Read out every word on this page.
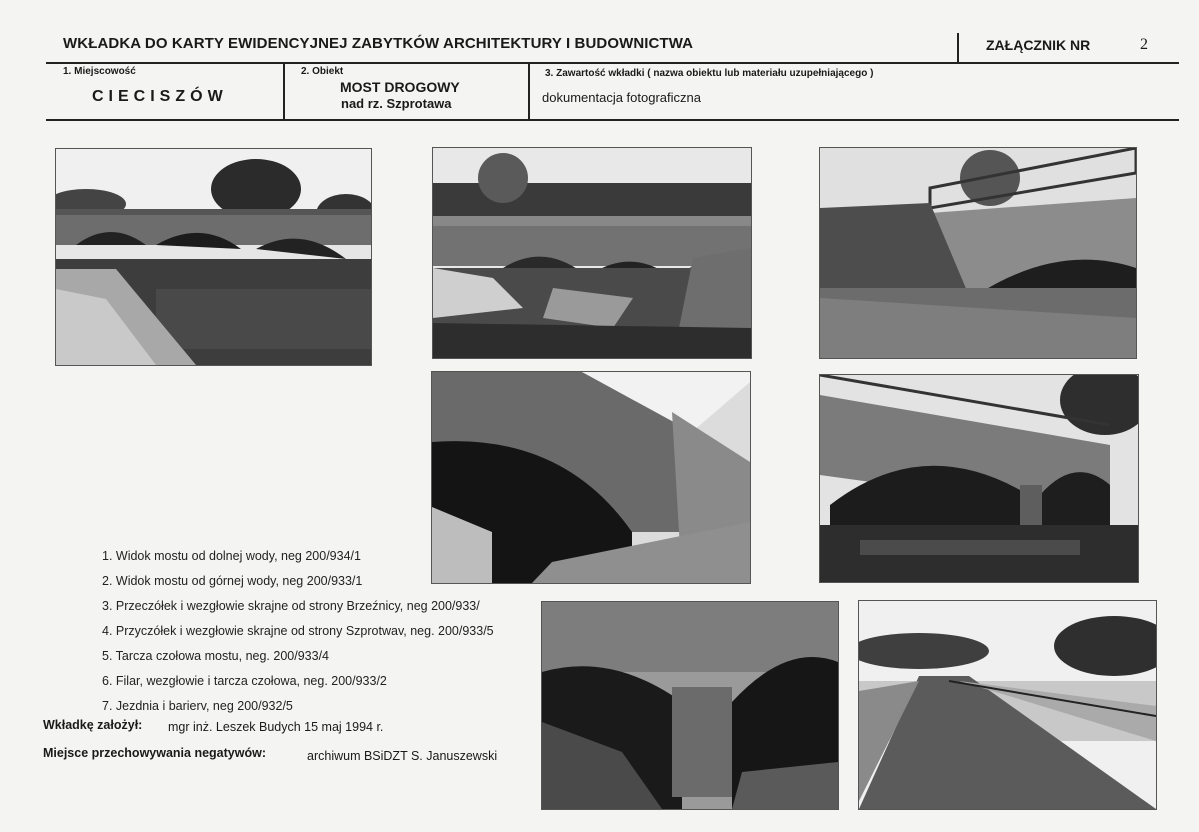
WKŁADKA DO KARTY EWIDENCYJNEJ ZABYTKÓW ARCHITEKTURY I BUDOWNICTWA	ZAŁĄCZNIK NR	2
1. Miejscowość
CIECISZÓW
2. Obiekt
MOST DROGOWY
nad rz. Szprotawa
3. Zawartość wkładki ( nazwa obiektu lub materiału uzupełniającego )
dokumentacja fotograficzna
1. Widok mostu od dolnej wody, neg 200/934/1
2. Widok mostu od górnej wody, neg 200/933/1
3. Przeczółek i wezgłowie skrajne od strony Brzeźnicy, neg 200/933/
4. Przyczółek i wezgłowie skrajne od strony Szprotwav, neg. 200/933/5
5. Tarcza czołowa mostu, neg. 200/933/4
6. Filar, wezgłowie i tarcza czołowa, neg. 200/933/2
7. Jezdnia i barierv, neg 200/932/5
Wkładkę założył: mgr inż. Leszek Budych 15 maj 1994 r.
Miejsce przechowywania negatywów:	archiwum BSiDZT S. Januszewski
